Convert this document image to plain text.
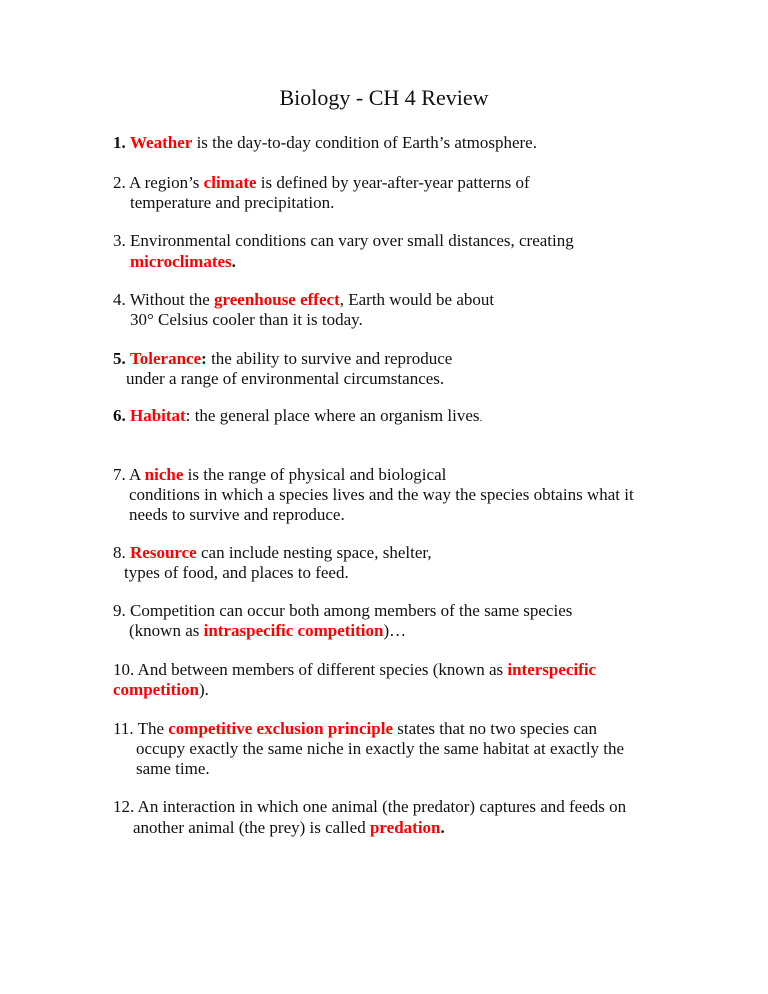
Biology - CH 4 Review
1. Weather is the day-to-day condition of Earth’s atmosphere.
2. A region’s climate is defined by year-after-year patterns of
temperature and precipitation.
3. Environmental conditions can vary over small distances, creating
microclimates.
4. Without the greenhouse effect, Earth would be about
30° Celsius cooler than it is today.
5. Tolerance: the ability to survive and reproduce
under a range of environmental circumstances.
6. Habitat: the general place where an organism lives.
7. A niche is the range of physical and biological
conditions in which a species lives and the way the species obtains what it
needs to survive and reproduce.
8. Resource can include nesting space, shelter,
types of food, and places to feed.
9. Competition can occur both among members of the same species
(known as intraspecific competition)…
10. And between members of different species (known as interspecific
competition).
11. The competitive exclusion principle states that no two species can
occupy exactly the same niche in exactly the same habitat at exactly the
same time.
12. An interaction in which one animal (the predator) captures and feeds on
another animal (the prey) is called predation.
